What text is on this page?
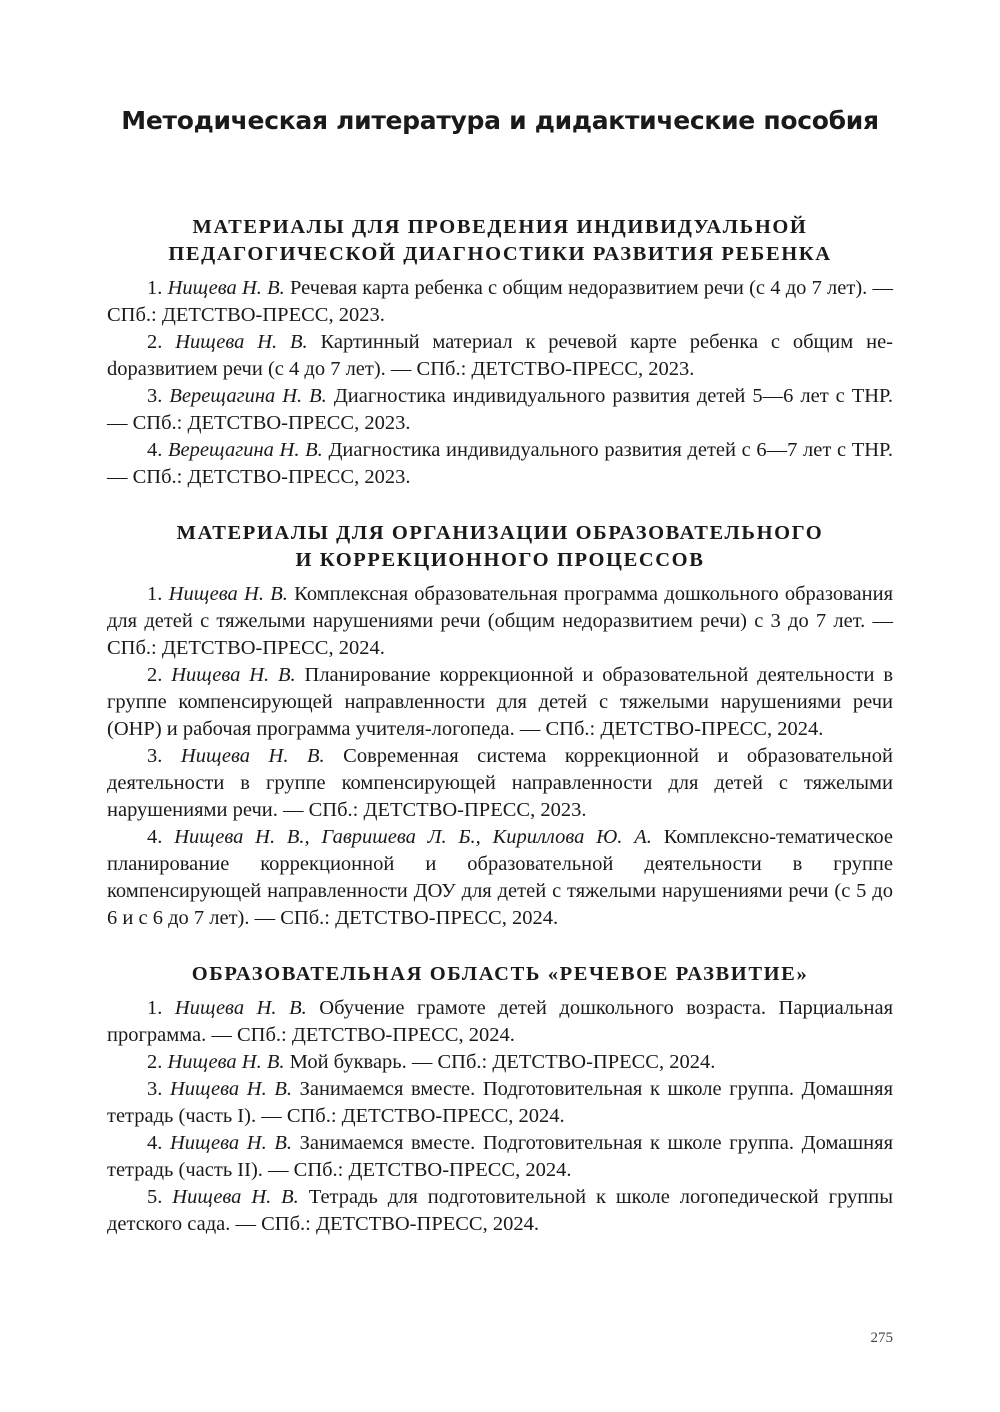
Методическая литература и дидактические пособия
МАТЕРИАЛЫ ДЛЯ ПРОВЕДЕНИЯ ИНДИВИДУАЛЬНОЙ
ПЕДАГОГИЧЕСКОЙ ДИАГНОСТИКИ РАЗВИТИЯ РЕБЕНКА

1. Нищева Н. В. Речевая карта ребенка с общим недоразвитием речи (с 4 до 7 лет). — СПб.: ДЕТСТВО-ПРЕСС, 2023.

2. Нищева Н. В. Картинный материал к речевой карте ребенка с общим неdоразвитием речи (с 4 до 7 лет). — СПб.: ДЕТСТВО-ПРЕСС, 2023.

3. Верещагина Н. В. Диагностика индивидуального развития детей 5—6 лет с ТНР. — СПб.: ДЕТСТВО-ПРЕСС, 2023.

4. Верещагина Н. В. Диагностика индивидуального развития детей с 6—7 лет с ТНР. — СПб.: ДЕТСТВО-ПРЕСС, 2023.

МАТЕРИАЛЫ ДЛЯ ОРГАНИЗАЦИИ ОБРАЗОВАТЕЛЬНОГО
И КОРРЕКЦИОННОГО ПРОЦЕССОВ

1. Нищева Н. В. Комплексная образовательная программа дошкольного образования для детей с тяжелыми нарушениями речи (общим недоразвитием речи) с 3 до 7 лет. — СПб.: ДЕТСТВО-ПРЕСС, 2024.

2. Нищева Н. В. Планирование коррекционной и образовательной деятельности в группе компенсирующей направленности для детей с тяжелыми нарушениями речи (ОНР) и рабочая программа учителя-логопеда. — СПб.: ДЕТСТВО-ПРЕСС, 2024.

3. Нищева Н. В. Современная система коррекционной и образовательной деятельности в группе компенсирующей направленности для детей с тяжелыми нарушениями речи. — СПб.: ДЕТСТВО-ПРЕСС, 2023.

4. Нищева Н. В., Гавришева Л. Б., Кириллова Ю. А. Комплексно-тематическое планирование коррекционной и образовательной деятельности в группе компенсирующей направленности ДОУ для детей с тяжелыми нарушениями речи (с 5 до 6 и с 6 до 7 лет). — СПб.: ДЕТСТВО-ПРЕСС, 2024.

ОБРАЗОВАТЕЛЬНАЯ ОБЛАСТЬ «РЕЧЕВОЕ РАЗВИТИЕ»

1. Нищева Н. В. Обучение грамоте детей дошкольного возраста. Парциальная программа. — СПб.: ДЕТСТВО-ПРЕСС, 2024.

2. Нищева Н. В. Мой букварь. — СПб.: ДЕТСТВО-ПРЕСС, 2024.

3. Нищева Н. В. Занимаемся вместе. Подготовительная к школе группа. Домашняя тетрадь (часть I). — СПб.: ДЕТСТВО-ПРЕСС, 2024.

4. Нищева Н. В. Занимаемся вместе. Подготовительная к школе группа. Домашняя тетрадь (часть II). — СПб.: ДЕТСТВО-ПРЕСС, 2024.

5. Нищева Н. В. Тетрадь для подготовительной к школе логопедической группы детского сада. — СПб.: ДЕТСТВО-ПРЕСС, 2024.

275
